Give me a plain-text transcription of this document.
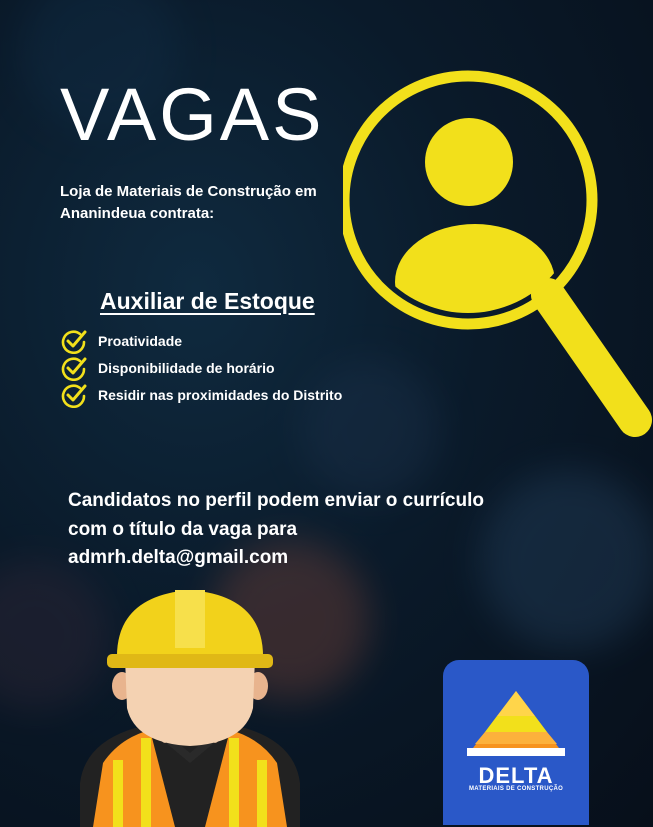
VAGAS
Loja de Materiais de Construção em Ananindeua contrata:
Auxiliar de Estoque
Proatividade
Disponibilidade de horário
Residir nas proximidades do Distrito
Candidatos no perfil podem enviar o currículo com o título da vaga para admrh.delta@gmail.com
DELTA
MATERIAIS DE CONSTRUÇÃO
